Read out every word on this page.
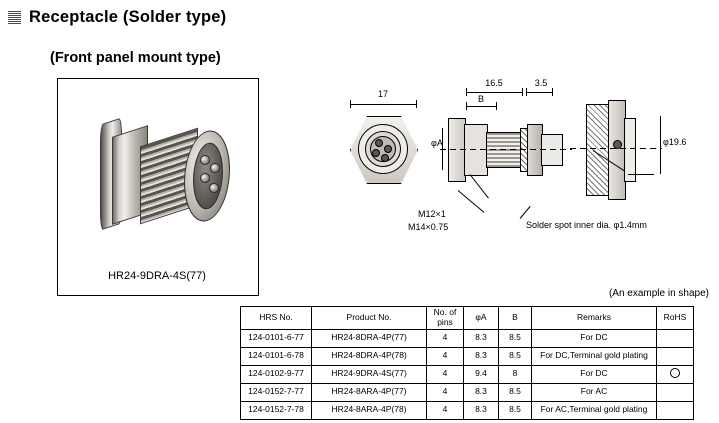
Receptacle (Solder type)
(Front panel mount type)
HR24-9DRA-4S(77)
17
16.5	3.5
B
φA
M12×1
M14×0.75
φ19.6
Solder spot inner dia. φ1.4mm
(An example in shape)
HRS No.	Product No.	No. of
pins	φA	B	Remarks	RoHS
124-0101-6-77	HR24-8DRA-4P(77)	4	8.3	8.5	For DC	
124-0101-6-78	HR24-8DRA-4P(78)	4	8.3	8.5	For DC,Terminal gold plating	
124-0102-9-77	HR24-9DRA-4S(77)	4	9.4	8	For DC	
124-0152-7-77	HR24-8ARA-4P(77)	4	8.3	8.5	For AC	
124-0152-7-78	HR24-8ARA-4P(78)	4	8.3	8.5	For AC,Terminal gold plating	
